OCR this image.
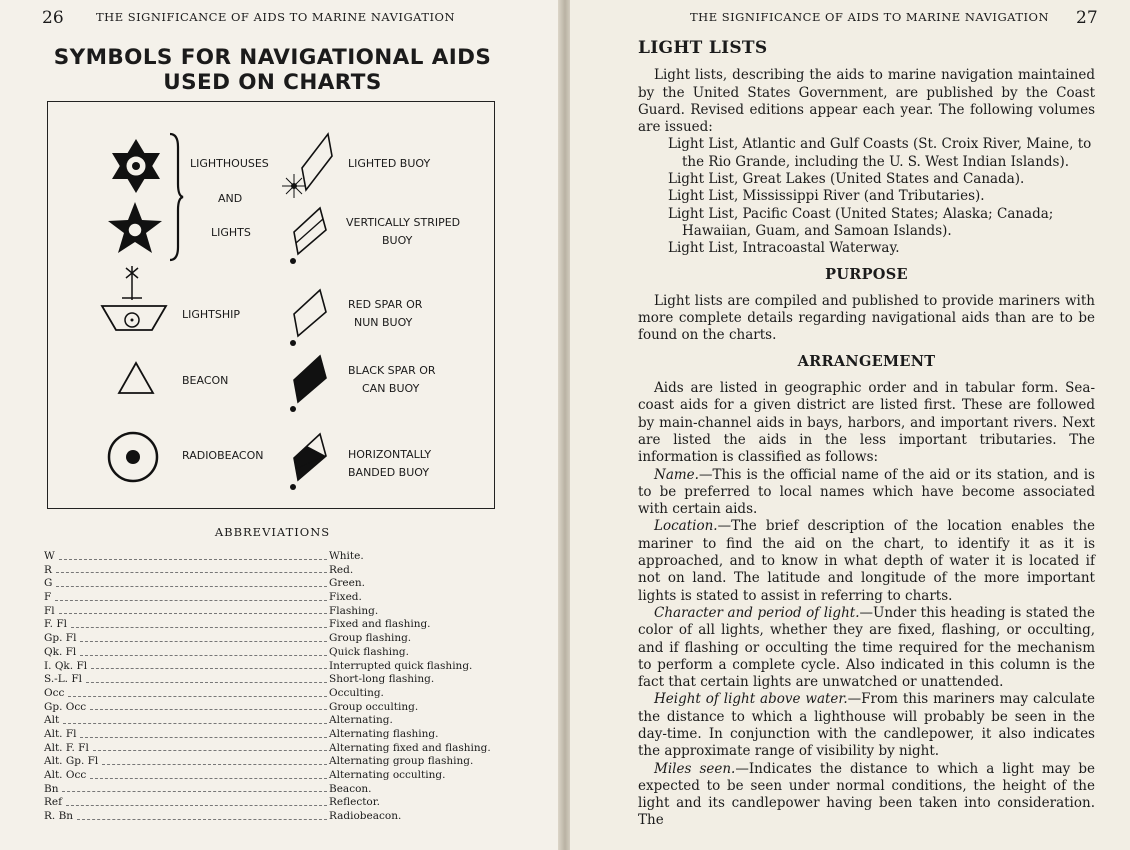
26	THE SIGNIFICANCE OF AIDS TO MARINE NAVIGATION
SYMBOLS FOR NAVIGATIONAL AIDS
USED ON CHARTS
LIGHTHOUSES
AND
LIGHTS
LIGHTSHIP
BEACON
RADIOBEACON
LIGHTED BUOY
VERTICALLY STRIPED
BUOY
RED SPAR OR
NUN BUOY
BLACK SPAR OR
CAN BUOY
HORIZONTALLY
BANDED BUOY
ABBREVIATIONS
W	White.
R	Red.
G	Green.
F	Fixed.
Fl	Flashing.
F. Fl	Fixed and flashing.
Gp. Fl	Group flashing.
Qk. Fl	Quick flashing.
I. Qk. Fl	Interrupted quick flashing.
S.-L. Fl	Short-long flashing.
Occ	Occulting.
Gp. Occ	Group occulting.
Alt	Alternating.
Alt. Fl	Alternating flashing.
Alt. F. Fl	Alternating fixed and flashing.
Alt. Gp. Fl	Alternating group flashing.
Alt. Occ	Alternating occulting.
Bn	Beacon.
Ref	Reflector.
R. Bn	Radiobeacon.
THE SIGNIFICANCE OF AIDS TO MARINE NAVIGATION 27
LIGHT LISTS

Light lists, describing the aids to marine navigation maintained by the United States Government, are published by the Coast Guard. Revised editions appear each year. The following volumes are issued:

Light List, Atlantic and Gulf Coasts (St. Croix River, Maine, to the Rio Grande, including the U. S. West Indian Islands).

Light List, Great Lakes (United States and Canada).

Light List, Mississippi River (and Tributaries).

Light List, Pacific Coast (United States; Alaska; Canada; Hawaiian, Guam, and Samoan Islands).

Light List, Intracoastal Waterway.

PURPOSE

Light lists are compiled and published to provide mariners with more complete details regarding navigational aids than are to be found on the charts.

ARRANGEMENT

Aids are listed in geographic order and in tabular form. Sea-coast aids for a given district are listed first. These are followed by main-channel aids in bays, harbors, and important rivers. Next are listed the aids in the less important tributaries. The information is classified as follows:

Name.—This is the official name of the aid or its station, and is to be preferred to local names which have become associated with certain aids.

Location.—The brief description of the location enables the mariner to find the aid on the chart, to identify it as it is approached, and to know in what depth of water it is located if not on land. The latitude and longitude of the more important lights is stated to assist in referring to charts.

Character and period of light.—Under this heading is stated the color of all lights, whether they are fixed, flashing, or occulting, and if flashing or occulting the time required for the mechanism to perform a complete cycle. Also indicated in this column is the fact that certain lights are unwatched or unattended.

Height of light above water.—From this mariners may calculate the distance to which a lighthouse will probably be seen in the day-time. In conjunction with the candlepower, it also indicates the approximate range of visibility by night.

Miles seen.—Indicates the distance to which a light may be expected to be seen under normal conditions, the height of the light and its candlepower having been taken into consideration. The
